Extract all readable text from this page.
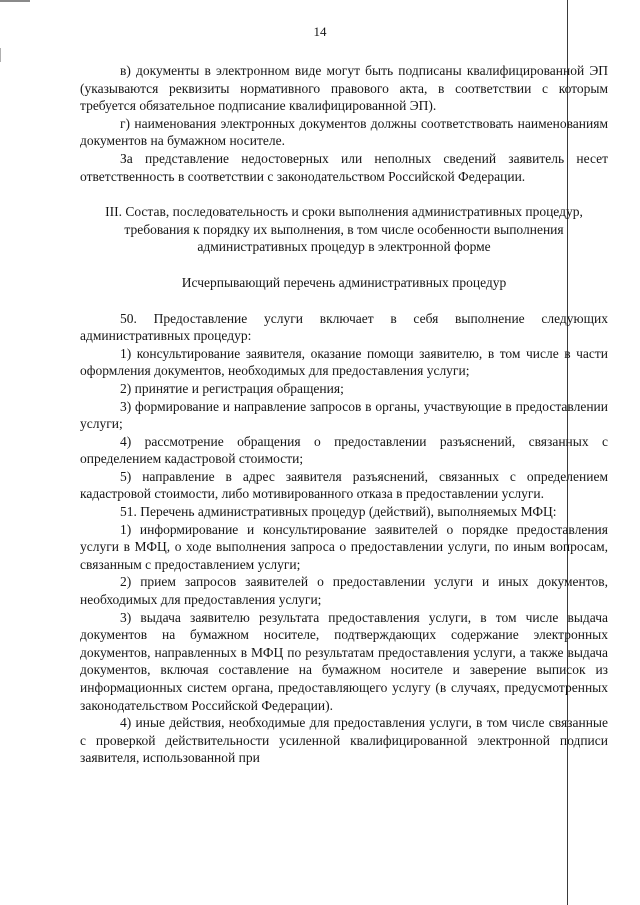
14

в) документы в электронном виде могут быть подписаны квалифицированной ЭП (указываются реквизиты нормативного правового акта, в соответствии с которым требуется обязательное подписание квалифицированной ЭП).

г) наименования электронных документов должны соответствовать наименованиям документов на бумажном носителе.

За представление недостоверных или неполных сведений заявитель несет ответственность в соответствии с законодательством Российской Федерации.

III. Состав, последовательность и сроки выполнения административных процедур, требования к порядку их выполнения, в том числе особенности выполнения административных процедур в электронной форме

Исчерпывающий перечень административных процедур

50. Предоставление услуги включает в себя выполнение следующих административных процедур:

1) консультирование заявителя, оказание помощи заявителю, в том числе в части оформления документов, необходимых для предоставления услуги;

2) принятие и регистрация обращения;

3) формирование и направление запросов в органы, участвующие в предоставлении услуги;

4) рассмотрение обращения о предоставлении разъяснений, связанных с определением кадастровой стоимости;

5) направление в адрес заявителя разъяснений, связанных с определением кадастровой стоимости, либо мотивированного отказа в предоставлении услуги.

51. Перечень административных процедур (действий), выполняемых МФЦ:

1) информирование и консультирование заявителей о порядке предоставления услуги в МФЦ, о ходе выполнения запроса о предоставлении услуги, по иным вопросам, связанным с предоставлением услуги;

2) прием запросов заявителей о предоставлении услуги и иных документов, необходимых для предоставления услуги;

3) выдача заявителю результата предоставления услуги, в том числе выдача документов на бумажном носителе, подтверждающих содержание электронных документов, направленных в МФЦ по результатам предоставления услуги, а также выдача документов, включая составление на бумажном носителе и заверение выписок из информационных систем органа, предоставляющего услугу (в случаях, предусмотренных законодательством Российской Федерации).

4) иные действия, необходимые для предоставления услуги, в том числе связанные с проверкой действительности усиленной квалифицированной электронной подписи заявителя, использованной при
